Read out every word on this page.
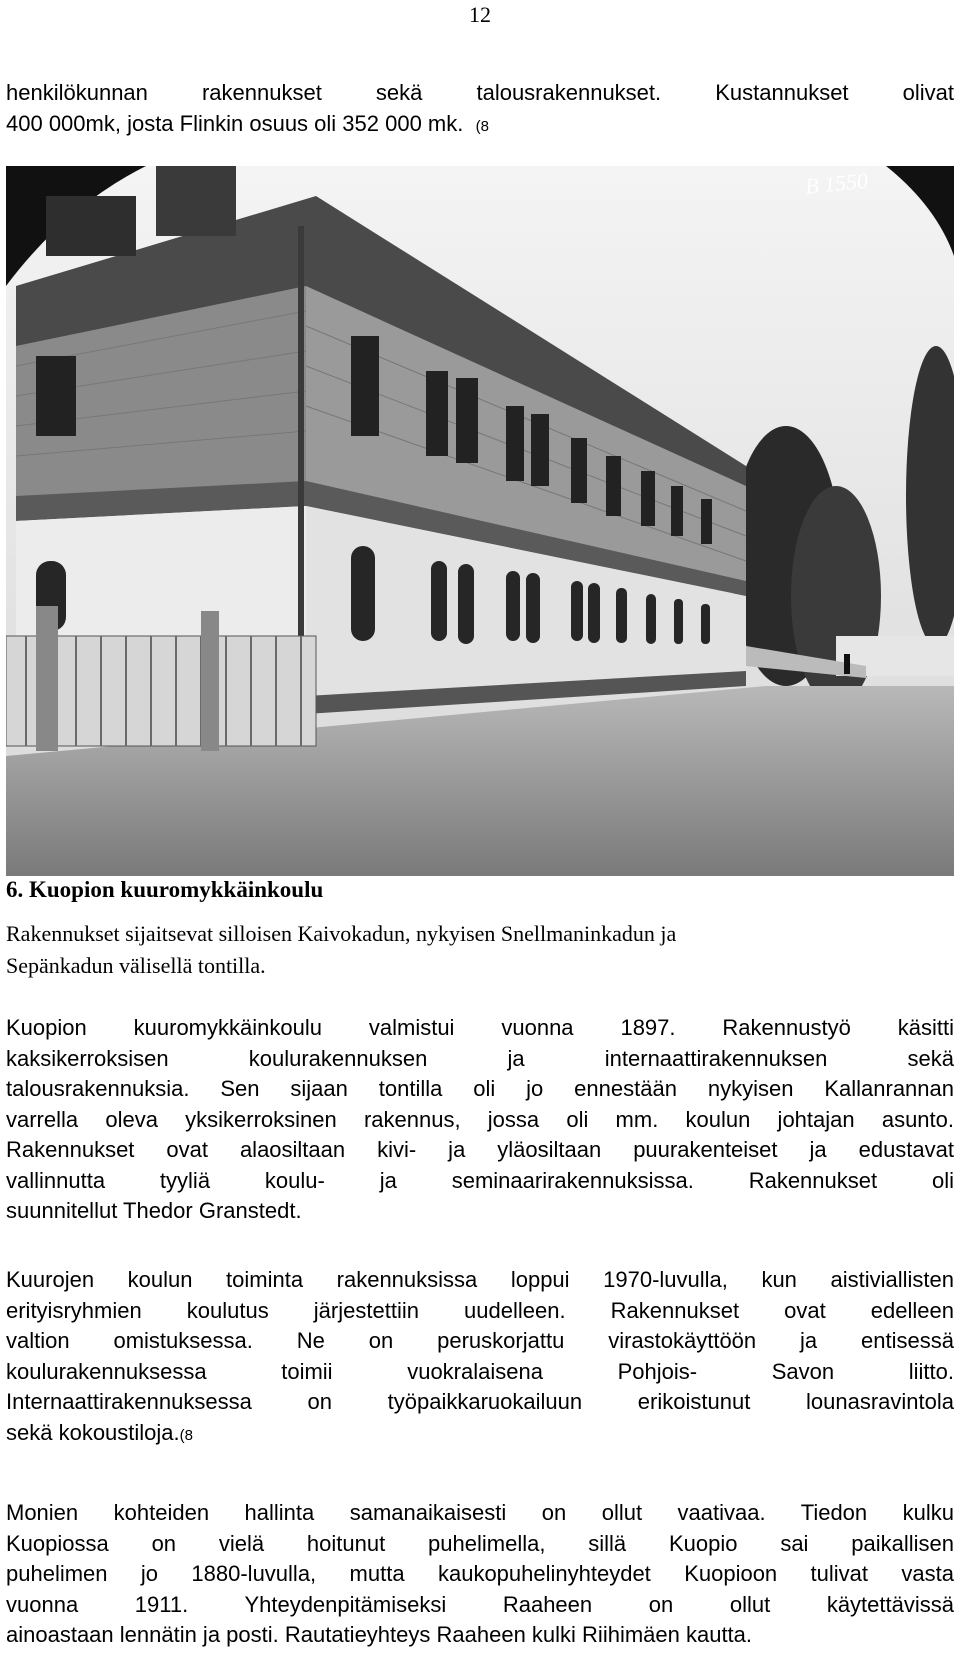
12
henkilökunnan rakennukset sekä talousrakennukset. Kustannukset olivat
400 000mk, josta Flinkin osuus oli 352 000 mk. (8
B 1550
6. Kuopion kuuromykkäinkoulu
Rakennukset sijaitsevat silloisen Kaivokadun, nykyisen Snellmaninkadun ja
Sepänkadun välisellä tontilla.
Kuopion kuuromykkäinkoulu valmistui vuonna 1897. Rakennustyö käsitti
kaksikerroksisen koulurakennuksen ja internaattirakennuksen sekä
talousrakennuksia. Sen sijaan tontilla oli jo ennestään nykyisen Kallanrannan
varrella oleva yksikerroksinen rakennus, jossa oli mm. koulun johtajan asunto.
Rakennukset ovat alaosiltaan kivi- ja yläosiltaan puurakenteiset ja edustavat
vallinnutta tyyliä koulu- ja seminaarirakennuksissa. Rakennukset oli
suunnitellut Thedor Granstedt.
Kuurojen koulun toiminta rakennuksissa loppui 1970-luvulla, kun aistiviallisten
erityisryhmien koulutus järjestettiin uudelleen. Rakennukset ovat edelleen
valtion omistuksessa. Ne on peruskorjattu virastokäyttöön ja entisessä
koulurakennuksessa toimii vuokralaisena Pohjois- Savon liitto.
Internaattirakennuksessa on työpaikkaruokailuun erikoistunut lounasravintola
sekä kokoustiloja.(8
Monien kohteiden hallinta samanaikaisesti on ollut vaativaa. Tiedon kulku
Kuopiossa on vielä hoitunut puhelimella, sillä Kuopio sai paikallisen
puhelimen jo 1880-luvulla, mutta kaukopuhelinyhteydet Kuopioon tulivat vasta
vuonna 1911. Yhteydenpitämiseksi Raaheen on ollut käytettävissä
ainoastaan lennätin ja posti. Rautatieyhteys Raaheen kulki Riihimäen kautta.
